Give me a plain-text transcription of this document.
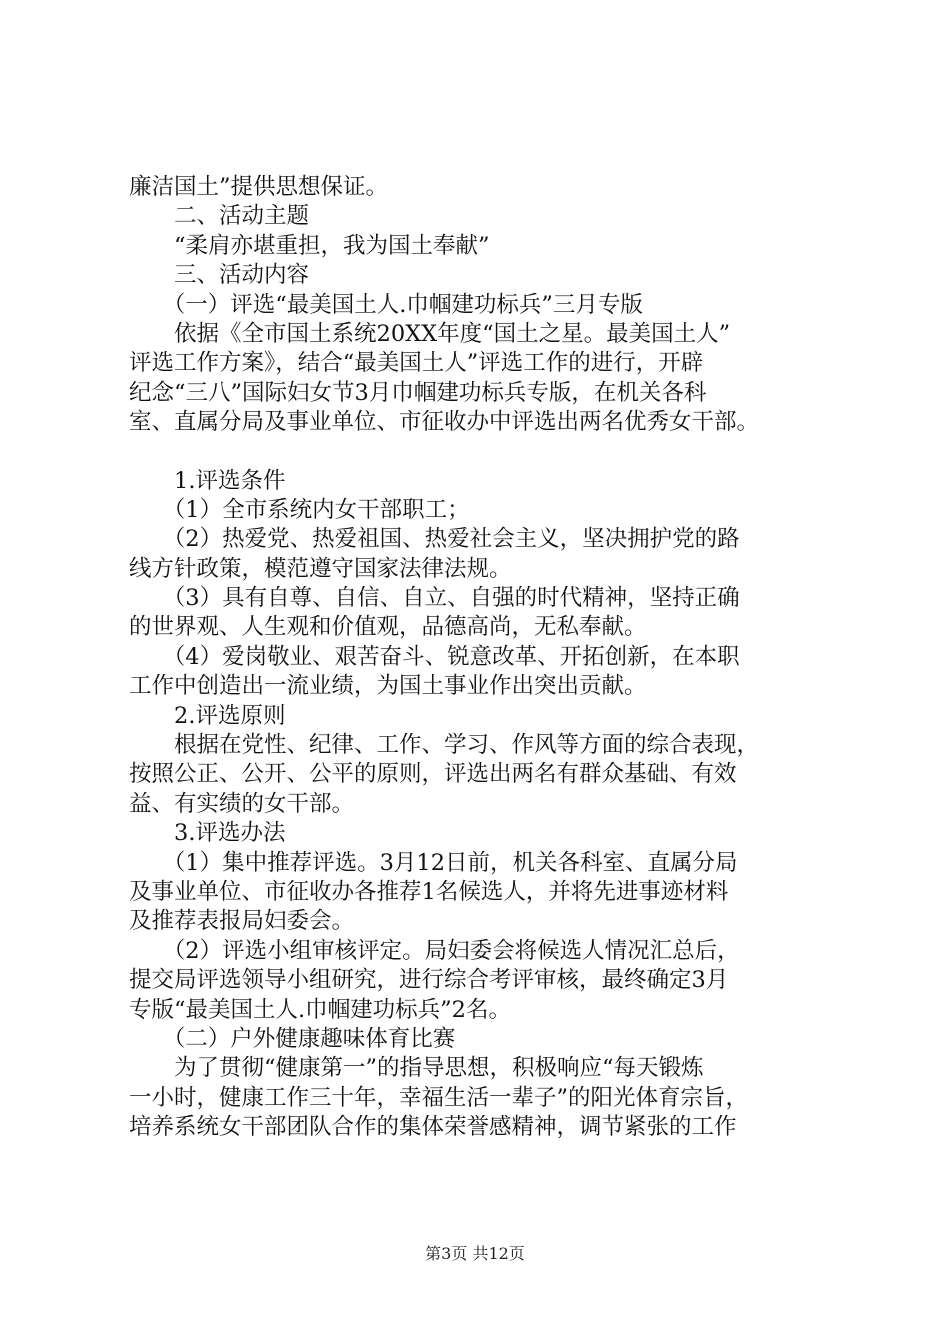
廉洁国土”提供思想保证。
　　二、活动主题
　　“柔肩亦堪重担，我为国土奉献”
　　三、活动内容
　　（一）评选“最美国土人.巾帼建功标兵”三月专版
　　依据《全市国土系统20XX年度“国土之星。最美国土人”
评选工作方案》，结合“最美国土人”评选工作的进行，开辟
纪念“三八”国际妇女节3月巾帼建功标兵专版，在机关各科
室、直属分局及事业单位、市征收办中评选出两名优秀女干部。
　　1.评选条件
　　（1）全市系统内女干部职工；
　　（2）热爱党、热爱祖国、热爱社会主义，坚决拥护党的路
线方针政策，模范遵守国家法律法规。
　　（3）具有自尊、自信、自立、自强的时代精神，坚持正确
的世界观、人生观和价值观，品德高尚，无私奉献。
　　（4）爱岗敬业、艰苦奋斗、锐意改革、开拓创新，在本职
工作中创造出一流业绩，为国土事业作出突出贡献。
　　2.评选原则
　　根据在党性、纪律、工作、学习、作风等方面的综合表现，
按照公正、公开、公平的原则，评选出两名有群众基础、有效
益、有实绩的女干部。
　　3.评选办法
　　（1）集中推荐评选。3月12日前，机关各科室、直属分局
及事业单位、市征收办各推荐1名候选人，并将先进事迹材料
及推荐表报局妇委会。
　　（2）评选小组审核评定。局妇委会将候选人情况汇总后，
提交局评选领导小组研究，进行综合考评审核，最终确定3月
专版“最美国土人.巾帼建功标兵”2名。
　　（二）户外健康趣味体育比赛
　　为了贯彻“健康第一”的指导思想，积极响应“每天锻炼
一小时，健康工作三十年，幸福生活一辈子”的阳光体育宗旨，
培养系统女干部团队合作的集体荣誉感精神，调节紧张的工作
第3页 共12页
